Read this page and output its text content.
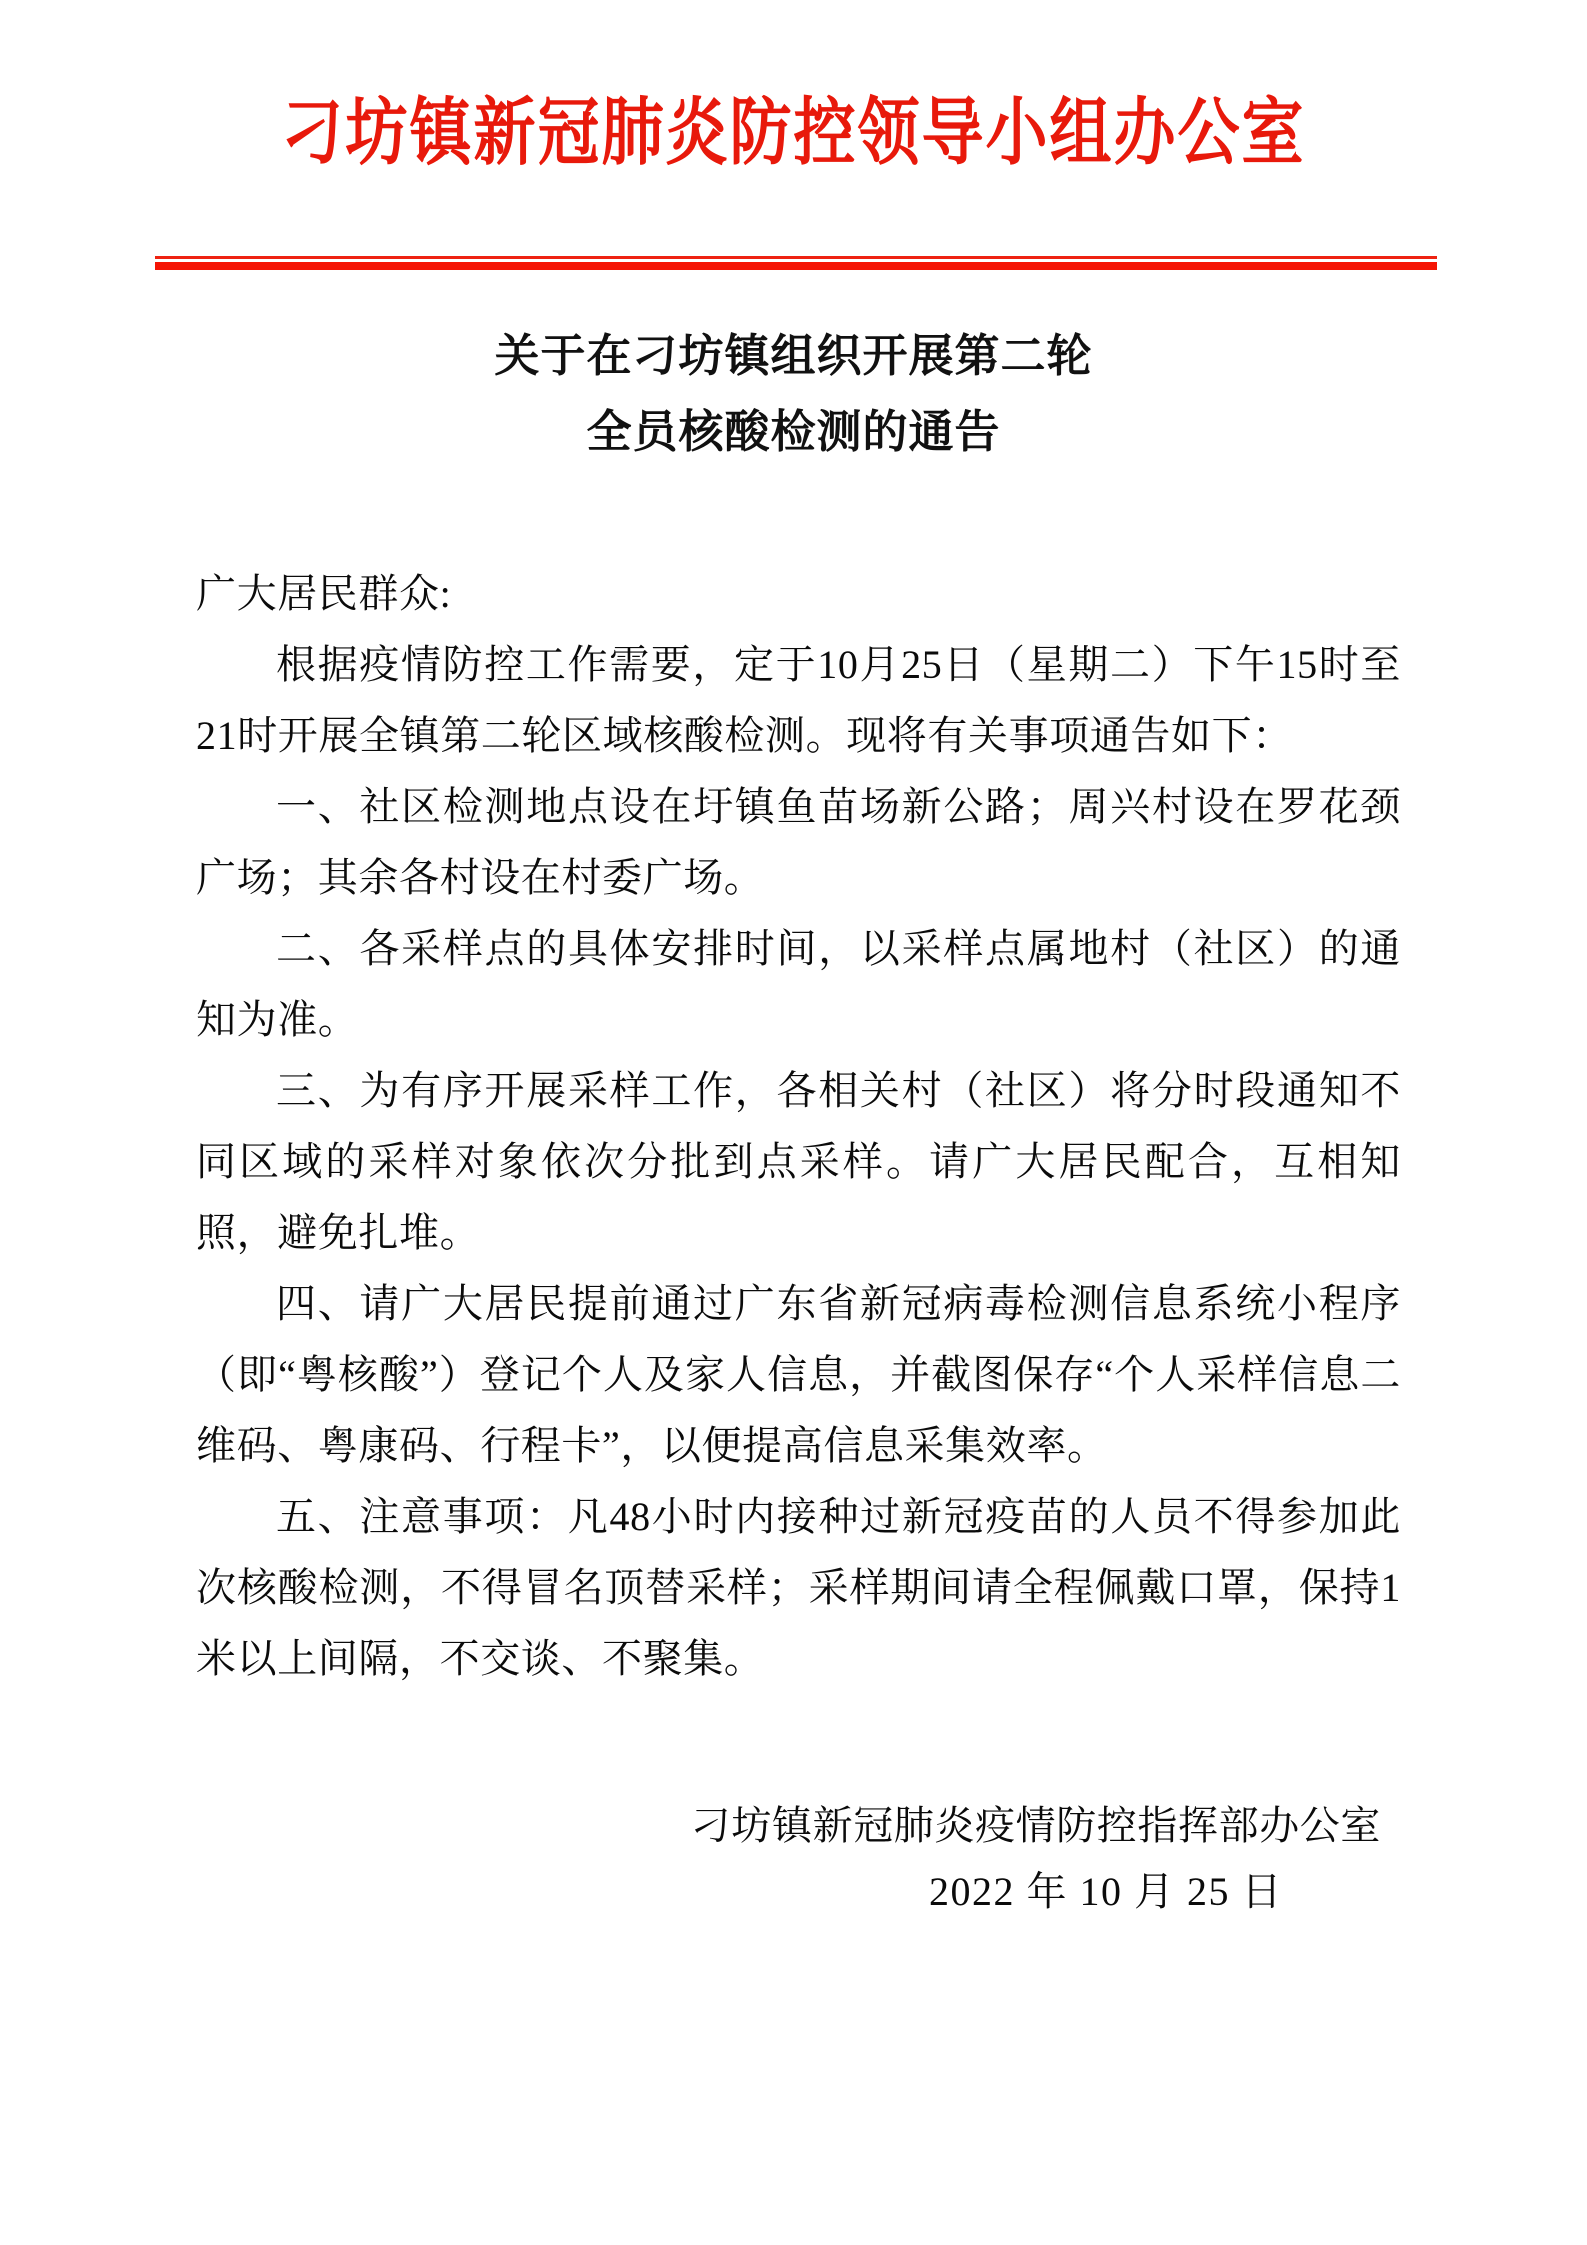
刁坊镇新冠肺炎防控领导小组办公室
关于在刁坊镇组织开展第二轮
全员核酸检测的通告

广大居民群众:

根据疫情防控工作需要，定于10月25日（星期二）下午15时至21时开展全镇第二轮区域核酸检测。现将有关事项通告如下：

一、社区检测地点设在圩镇鱼苗场新公路；周兴村设在罗花颈广场；其余各村设在村委广场。

二、各采样点的具体安排时间，以采样点属地村（社区）的通知为准。

三、为有序开展采样工作，各相关村（社区）将分时段通知不同区域的采样对象依次分批到点采样。请广大居民配合，互相知照，避免扎堆。

四、请广大居民提前通过广东省新冠病毒检测信息系统小程序（即“粤核酸”）登记个人及家人信息，并截图保存“个人采样信息二维码、粤康码、行程卡”，以便提高信息采集效率。

五、注意事项：凡48小时内接种过新冠疫苗的人员不得参加此次核酸检测，不得冒名顶替采样；采样期间请全程佩戴口罩，保持1米以上间隔，不交谈、不聚集。

刁坊镇新冠肺炎疫情防控指挥部办公室
2022 年 10 月 25 日
